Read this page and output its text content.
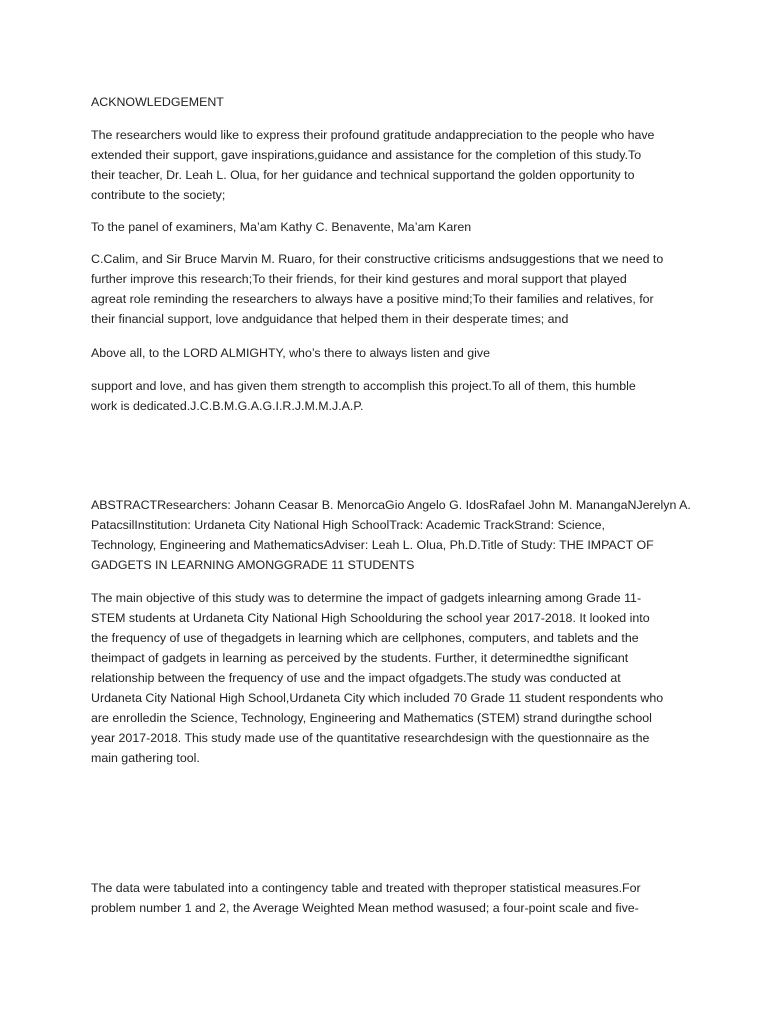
ACKNOWLEDGEMENT

The researchers would like to express their profound gratitude andappreciation to the people who have
extended their support, gave inspirations,guidance and assistance for the completion of this study.To
their teacher, Dr. Leah L. Olua, for her guidance and technical supportand the golden opportunity to
contribute to the society;

To the panel of examiners, Ma’am Kathy C. Benavente, Ma’am Karen

C.Calim, and Sir Bruce Marvin M. Ruaro, for their constructive criticisms andsuggestions that we need to
further improve this research;To their friends, for their kind gestures and moral support that played
agreat role reminding the researchers to always have a positive mind;To their families and relatives, for
their financial support, love andguidance that helped them in their desperate times; and

Above all, to the LORD ALMIGHTY, who’s there to always listen and give

support and love, and has given them strength to accomplish this project.To all of them, this humble
work is dedicated.J.C.B.M.G.A.G.I.R.J.M.M.J.A.P.

ABSTRACTResearchers: Johann Ceasar B. MenorcaGio Angelo G. IdosRafael John M. ManangaNJerelyn A.
PatacsilInstitution: Urdaneta City National High SchoolTrack: Academic TrackStrand: Science,
Technology, Engineering and MathematicsAdviser: Leah L. Olua, Ph.D.Title of Study: THE IMPACT OF
GADGETS IN LEARNING AMONGGRADE 11 STUDENTS

The main objective of this study was to determine the impact of gadgets inlearning among Grade 11-
STEM students at Urdaneta City National High Schoolduring the school year 2017-2018. It looked into
the frequency of use of thegadgets in learning which are cellphones, computers, and tablets and the
theimpact of gadgets in learning as perceived by the students. Further, it determinedthe significant
relationship between the frequency of use and the impact ofgadgets.The study was conducted at
Urdaneta City National High School,Urdaneta City which included 70 Grade 11 student respondents who
are enrolledin the Science, Technology, Engineering and Mathematics (STEM) strand duringthe school
year 2017-2018. This study made use of the quantitative researchdesign with the questionnaire as the
main gathering tool.

The data were tabulated into a contingency table and treated with theproper statistical measures.For
problem number 1 and 2, the Average Weighted Mean method wasused; a four-point scale and five-
